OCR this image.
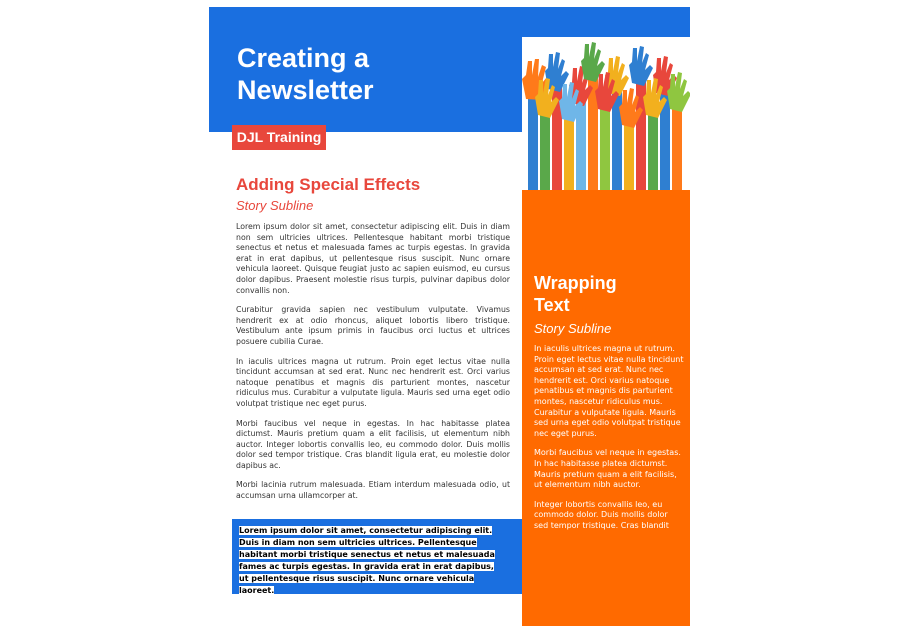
Creating a
Newsletter
DJL Training
Wrapping
Text
Story Subline

In iaculis ultrices magna ut rutrum. Proin eget lectus vitae nulla tincidunt accumsan at sed erat. Nunc nec hendrerit est. Orci varius natoque penatibus et magnis dis parturient montes, nascetur ridiculus mus. Curabitur a vulputate ligula. Mauris sed urna eget odio volutpat tristique nec eget purus.

Morbi faucibus vel neque in egestas. In hac habitasse platea dictumst. Mauris pretium quam a elit facilisis, ut elementum nibh auctor.

Integer lobortis convallis leo, eu commodo dolor. Duis mollis dolor sed tempor tristique. Cras blandit

Adding Special Effects
Story Subline

Lorem ipsum dolor sit amet, consectetur adipiscing elit. Duis in diam non sem ultricies ultrices. Pellentesque habitant morbi tristique senectus et netus et malesuada fames ac turpis egestas. In gravida erat in erat dapibus, ut pellentesque risus suscipit. Nunc ornare vehicula laoreet. Quisque feugiat justo ac sapien euismod, eu cursus dolor dapibus. Praesent molestie risus turpis, pulvinar dapibus dolor convallis non.

Curabitur gravida sapien nec vestibulum vulputate. Vivamus hendrerit ex at odio rhoncus, aliquet lobortis libero tristique. Vestibulum ante ipsum primis in faucibus orci luctus et ultrices posuere cubilia Curae.

In iaculis ultrices magna ut rutrum. Proin eget lectus vitae nulla tincidunt accumsan at sed erat. Nunc nec hendrerit est. Orci varius natoque penatibus et magnis dis parturient montes, nascetur ridiculus mus. Curabitur a vulputate ligula. Mauris sed urna eget odio volutpat tristique nec eget purus.

Morbi faucibus vel neque in egestas. In hac habitasse platea dictumst. Mauris pretium quam a elit facilisis, ut elementum nibh auctor. Integer lobortis convallis leo, eu commodo dolor. Duis mollis dolor sed tempor tristique. Cras blandit ligula erat, eu molestie dolor dapibus ac.

Morbi lacinia rutrum malesuada. Etiam interdum malesuada odio, ut accumsan urna ullamcorper at.

Lorem ipsum dolor sit amet, consectetur adipiscing elit. Duis in diam non sem ultricies ultrices. Pellentesque habitant morbi tristique senectus et netus et malesuada fames ac turpis egestas. In gravida erat in erat dapibus, ut pellentesque risus suscipit. Nunc ornare vehicula laoreet.
